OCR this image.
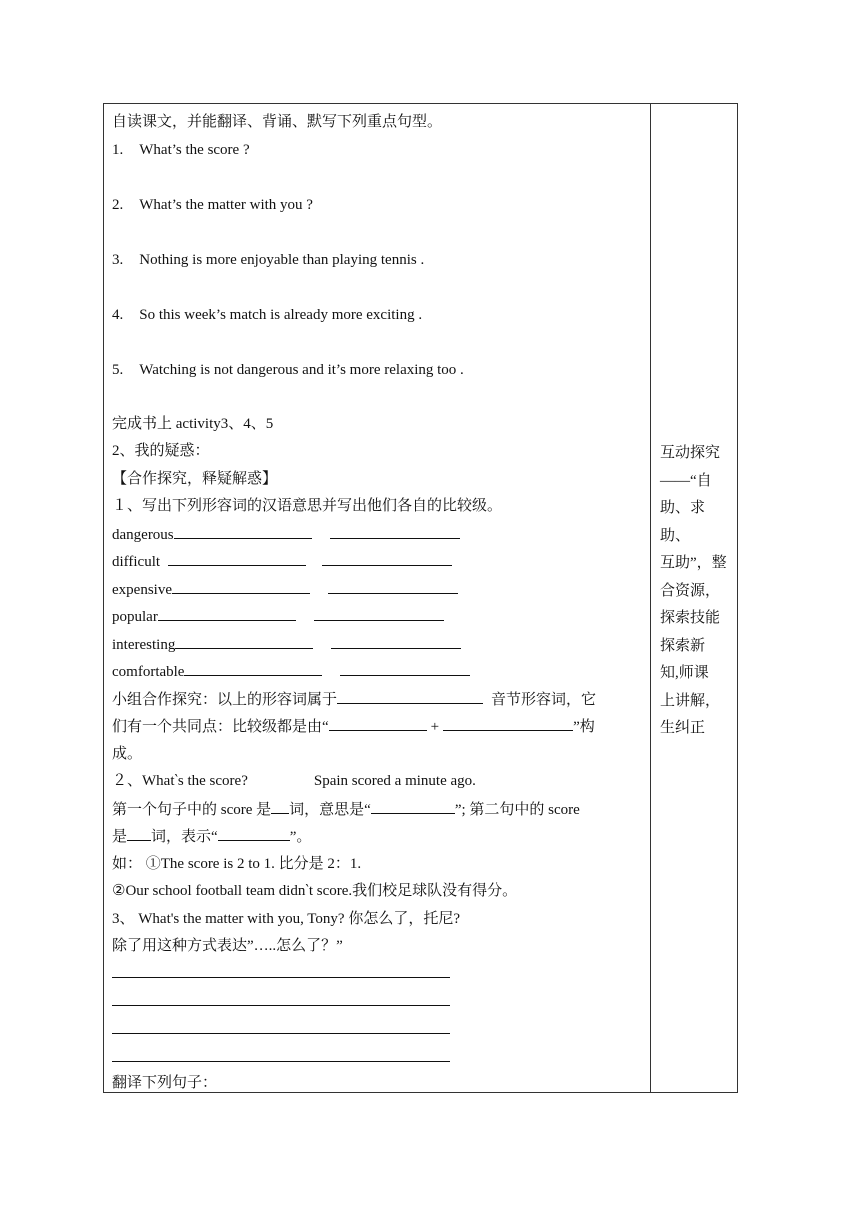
自读课文，并能翻译、背诵、默写下列重点句型。
1. What’s the score ?
2. What’s the matter with you ?
3. Nothing is more enjoyable than playing tennis .
4. So this week’s match is already more exciting .
5. Watching is not dangerous and it’s more relaxing too .
完成书上 activity3、4、5
2、我的疑惑：
【合作探究，释疑解惑】
１、写出下列形容词的汉语意思并写出他们各自的比较级。
dangerous
difficult
expensive
popular
interesting
comfortable
小组合作探究：以上的形容词属于	音节形容词，它
们有一个共同点：比较级都是由“	+	”构
成。
２、What‵s the score?	Spain scored a minute ago.
第一个句子中的 score 是 词，意思是“	”; 第二句中的 score
是 词，表示“	”。
如： ①The score is 2 to 1. 比分是 2：1.
②Our school football team didn‵t score.我们校足球队没有得分。
3、 What's the matter with you, Tony? 你怎么了，托尼?
除了用这种方式表达”…..怎么了？”
翻译下列句子：
互动探究
——“自
助、求助、
互助”，整
合资源，
探索技能
探索新
知,师课
上讲解，
生纠正
